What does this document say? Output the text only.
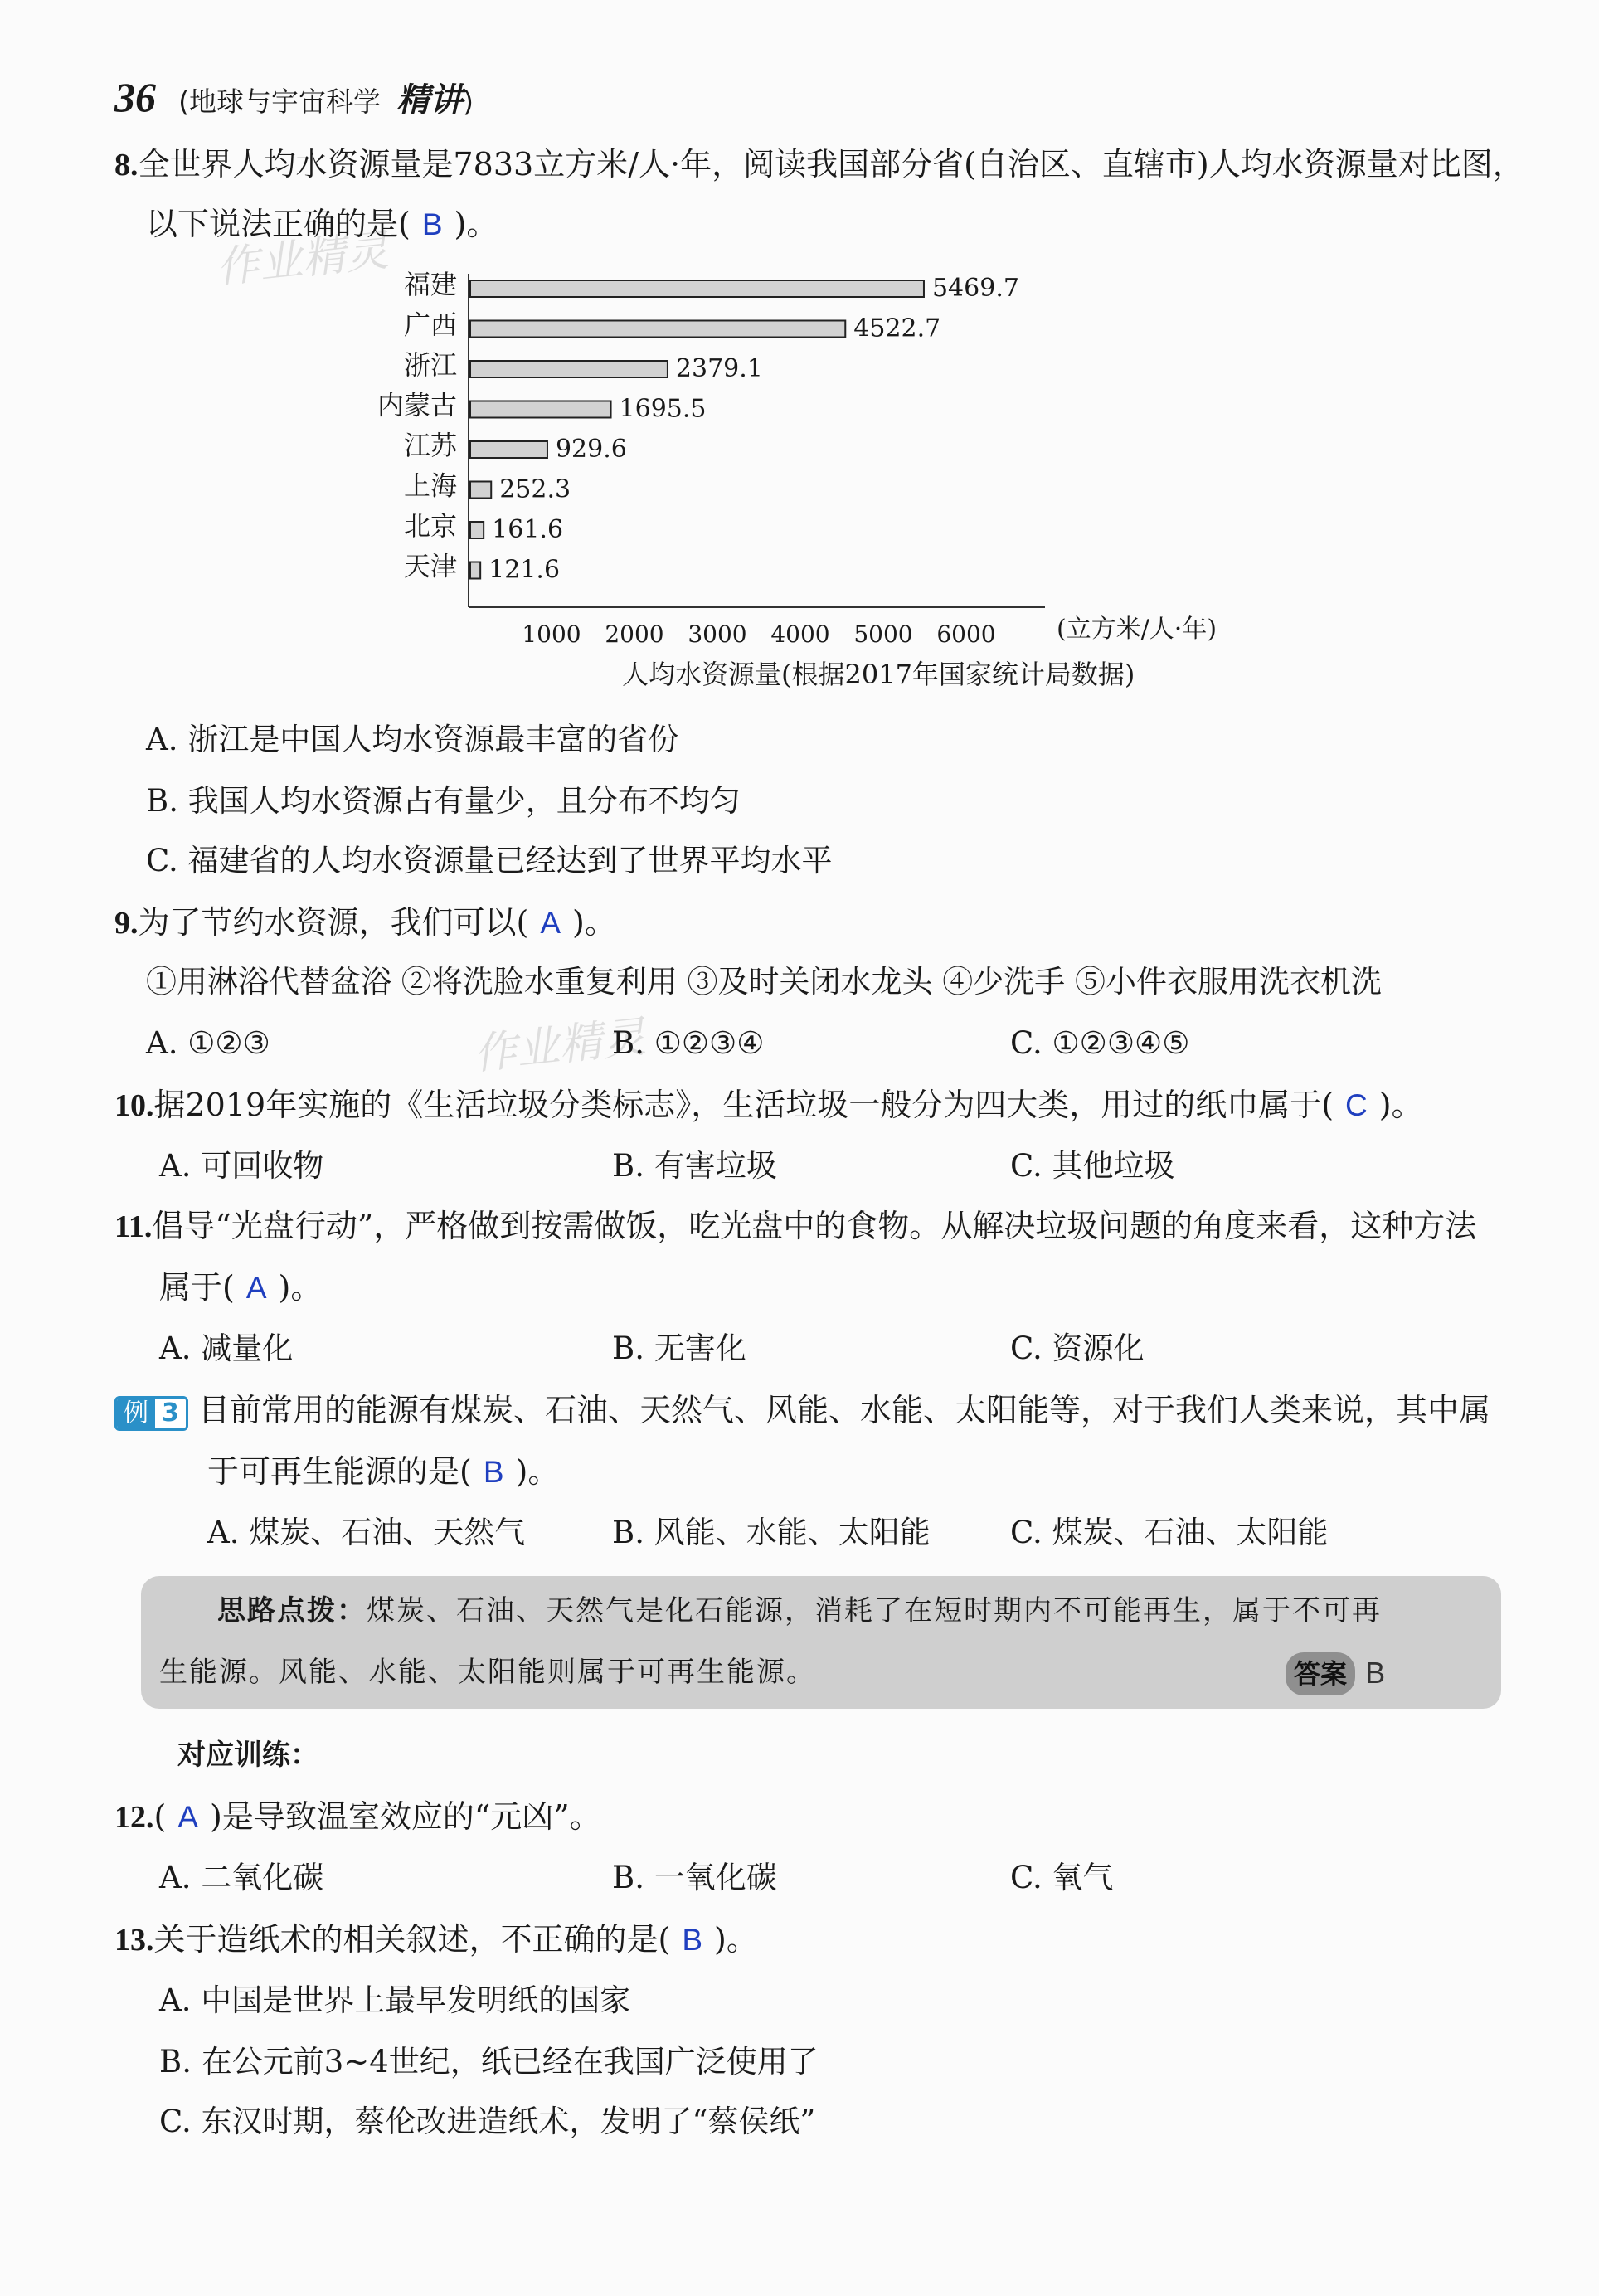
36 (地球与宇宙科学 精讲)
作业精灵
作业精灵
8.全世界人均水资源量是7833立方米/人·年，阅读我国部分省(自治区、直辖市)人均水资源量对比图，
以下说法正确的是( B )。
福建	5469.7
广西	4522.7
浙江	2379.1
内蒙古	1695.5
江苏	929.6
上海 252.3
北京 161.6
天津 121.6
1000 2000 3000 4000 5000 6000 (立方米/人·年)
人均水资源量(根据2017年国家统计局数据)
A. 浙江是中国人均水资源最丰富的省份
B. 我国人均水资源占有量少，且分布不均匀
C. 福建省的人均水资源量已经达到了世界平均水平
9.为了节约水资源，我们可以( A )。
①用淋浴代替盆浴 ②将洗脸水重复利用 ③及时关闭水龙头 ④少洗手 ⑤小件衣服用洗衣机洗
A. ①②③	B. ①②③④	C. ①②③④⑤
10.据2019年实施的《生活垃圾分类标志》，生活垃圾一般分为四大类，用过的纸巾属于( C )。
A. 可回收物	B. 有害垃圾	C. 其他垃圾
11.倡导“光盘行动”，严格做到按需做饭，吃光盘中的食物。从解决垃圾问题的角度来看，这种方法
属于( A )。
A. 减量化	B. 无害化	C. 资源化
例 3 目前常用的能源有煤炭、石油、天然气、风能、水能、太阳能等，对于我们人类来说，其中属
于可再生能源的是( B )。
A. 煤炭、石油、天然气	B. 风能、水能、太阳能	C. 煤炭、石油、太阳能
思路点拨：煤炭、石油、天然气是化石能源，消耗了在短时期内不可能再生，属于不可再
生能源。风能、水能、太阳能则属于可再生能源。	答案 B
对应训练：
12.( A )是导致温室效应的“元凶”。
A. 二氧化碳	B. 一氧化碳	C. 氧气
13.关于造纸术的相关叙述，不正确的是( B )。
A. 中国是世界上最早发明纸的国家
B. 在公元前3~4世纪，纸已经在我国广泛使用了
C. 东汉时期，蔡伦改进造纸术，发明了“蔡侯纸”
